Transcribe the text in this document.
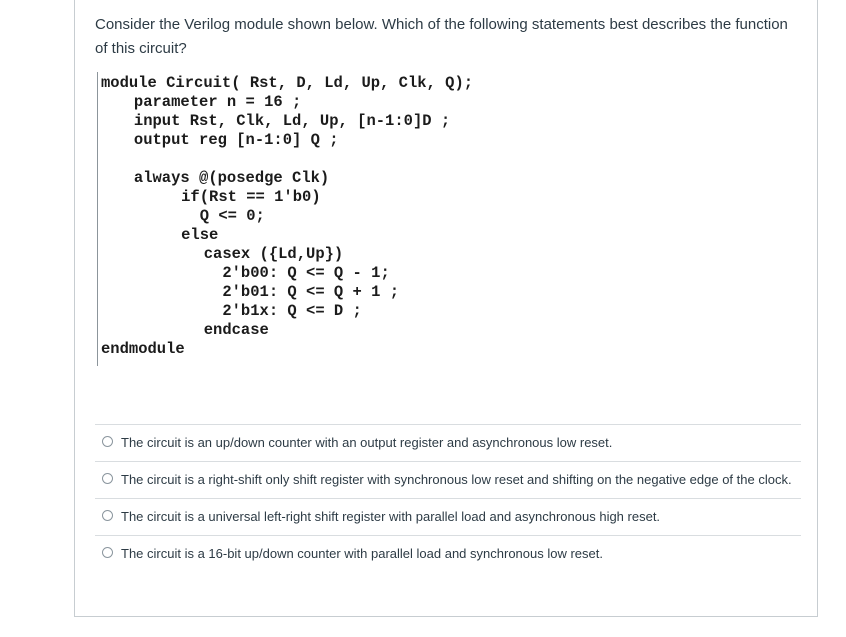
Consider the Verilog module shown below. Which of the following statements best describes the function of this circuit?
module Circuit( Rst, D, Ld, Up, Clk, Q);
parameter n = 16 ;
input Rst, Clk, Ld, Up, [n-1:0]D ;
output reg [n-1:0] Q ;
always @(posedge Clk)
if(Rst == 1'b0)
Q <= 0;
else
casex ({Ld,Up})
2'b00: Q <= Q - 1;
2'b01: Q <= Q + 1 ;
2'b1x: Q <= D ;
endcase
endmodule
The circuit is an up/down counter with an output register and asynchronous low reset.
The circuit is a right-shift only shift register with synchronous low reset and shifting on the negative edge of the clock.
The circuit is a universal left-right shift register with parallel load and asynchronous high reset.
The circuit is a 16-bit up/down counter with parallel load and synchronous low reset.
